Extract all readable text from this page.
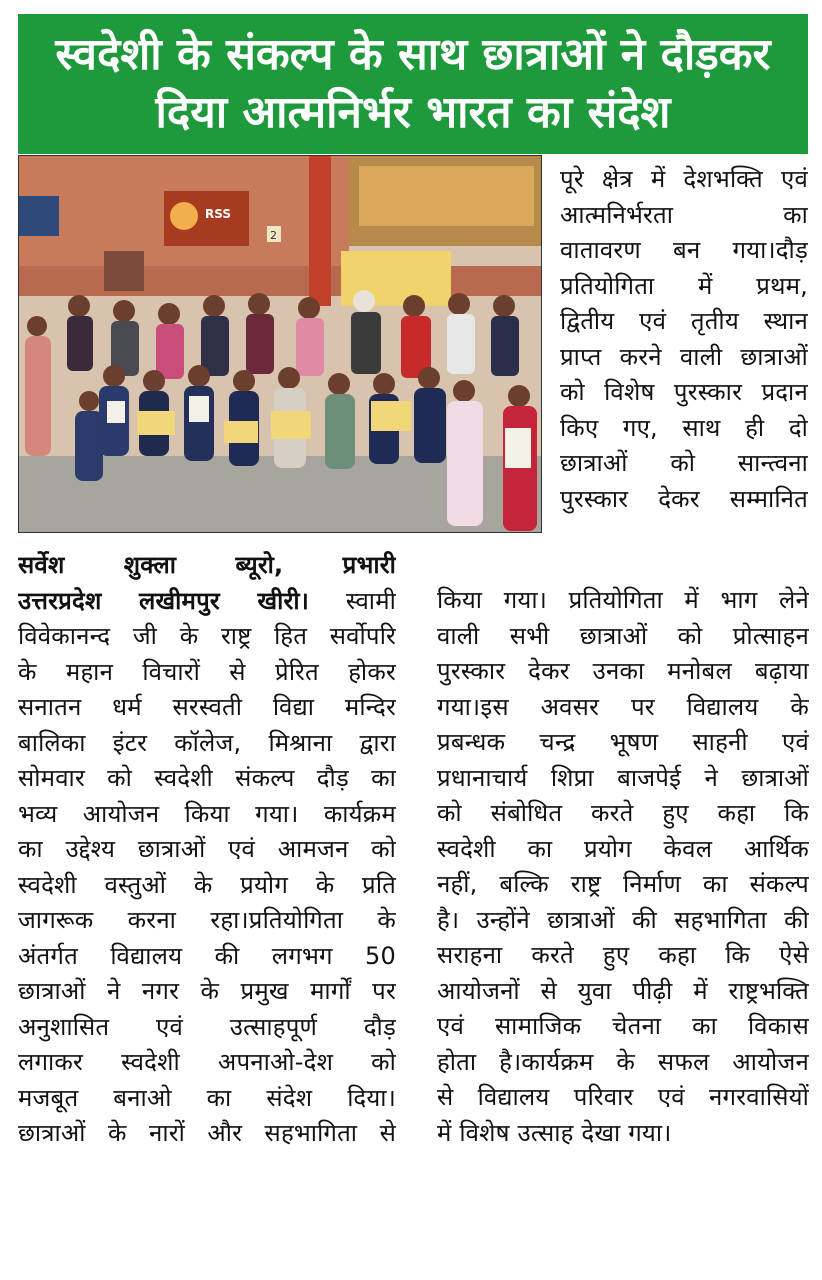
स्वदेशी के संकल्प के साथ छात्राओं ने दौड़कर
दिया आत्मनिर्भर भारत का संदेश
RSS
2
पूरे क्षेत्र में देशभक्ति एवं
आत्मनिर्भरता का
वातावरण बन गया।दौड़
प्रतियोगिता में प्रथम,
द्वितीय एवं तृतीय स्थान
प्राप्त करने वाली छात्राओं
को विशेष पुरस्कार प्रदान
किए गए, साथ ही दो
छात्राओं को सान्त्वना
पुरस्कार देकर सम्मानित
सर्वेश शुक्ला ब्यूरो, प्रभारी
उत्तरप्रदेश लखीमपुर खीरी। स्वामी
विवेकानन्द जी के राष्ट्र हित सर्वोपरि
के महान विचारों से प्रेरित होकर
सनातन धर्म सरस्वती विद्या मन्दिर
बालिका इंटर कॉलेज, मिश्राना द्वारा
सोमवार को स्वदेशी संकल्प दौड़ का
भव्य आयोजन किया गया। कार्यक्रम
का उद्देश्य छात्राओं एवं आमजन को
स्वदेशी वस्तुओं के प्रयोग के प्रति
जागरूक करना रहा।प्रतियोगिता के
अंतर्गत विद्यालय की लगभग 50
छात्राओं ने नगर के प्रमुख मार्गों पर
अनुशासित एवं उत्साहपूर्ण दौड़
लगाकर स्वदेशी अपनाओ-देश को
मजबूत बनाओ का संदेश दिया।
छात्राओं के नारों और सहभागिता से
किया गया। प्रतियोगिता में भाग लेने
वाली सभी छात्राओं को प्रोत्साहन
पुरस्कार देकर उनका मनोबल बढ़ाया
गया।इस अवसर पर विद्यालय के
प्रबन्धक चन्द्र भूषण साहनी एवं
प्रधानाचार्य शिप्रा बाजपेई ने छात्राओं
को संबोधित करते हुए कहा कि
स्वदेशी का प्रयोग केवल आर्थिक
नहीं, बल्कि राष्ट्र निर्माण का संकल्प
है। उन्होंने छात्राओं की सहभागिता की
सराहना करते हुए कहा कि ऐसे
आयोजनों से युवा पीढ़ी में राष्ट्रभक्ति
एवं सामाजिक चेतना का विकास
होता है।कार्यक्रम के सफल आयोजन
से विद्यालय परिवार एवं नगरवासियों
में विशेष उत्साह देखा गया।
